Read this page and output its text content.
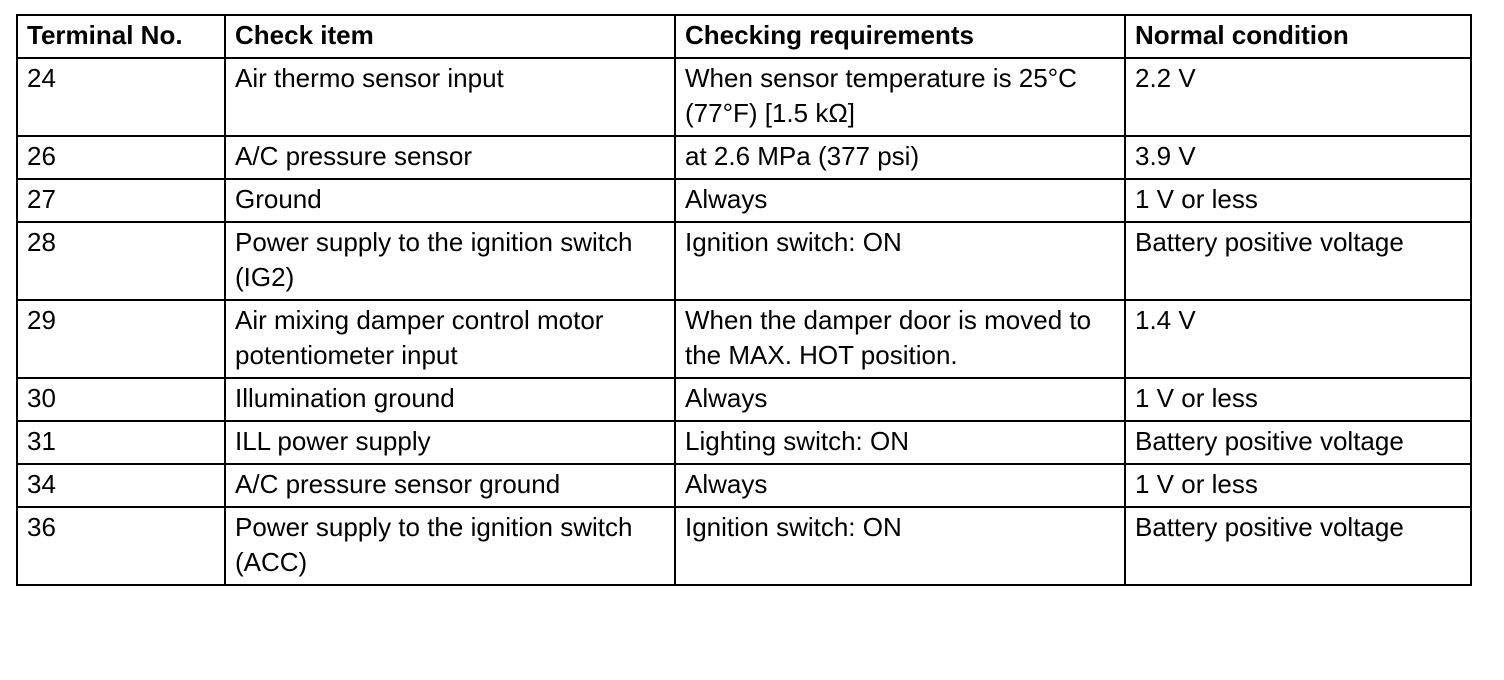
Terminal No.	Check item	Checking requirements	Normal condition
24	Air thermo sensor input	When sensor temperature is 25°C (77°F) [1.5 kΩ]	2.2 V
26	A/C pressure sensor	at 2.6 MPa (377 psi)	3.9 V
27	Ground	Always	1 V or less
28	Power supply to the ignition switch (IG2)	Ignition switch: ON	Battery positive voltage
29	Air mixing damper control motor potentiometer input	When the damper door is moved to the MAX. HOT position.	1.4 V
30	Illumination ground	Always	1 V or less
31	ILL power supply	Lighting switch: ON	Battery positive voltage
34	A/C pressure sensor ground	Always	1 V or less
36	Power supply to the ignition switch (ACC)	Ignition switch: ON	Battery positive voltage
